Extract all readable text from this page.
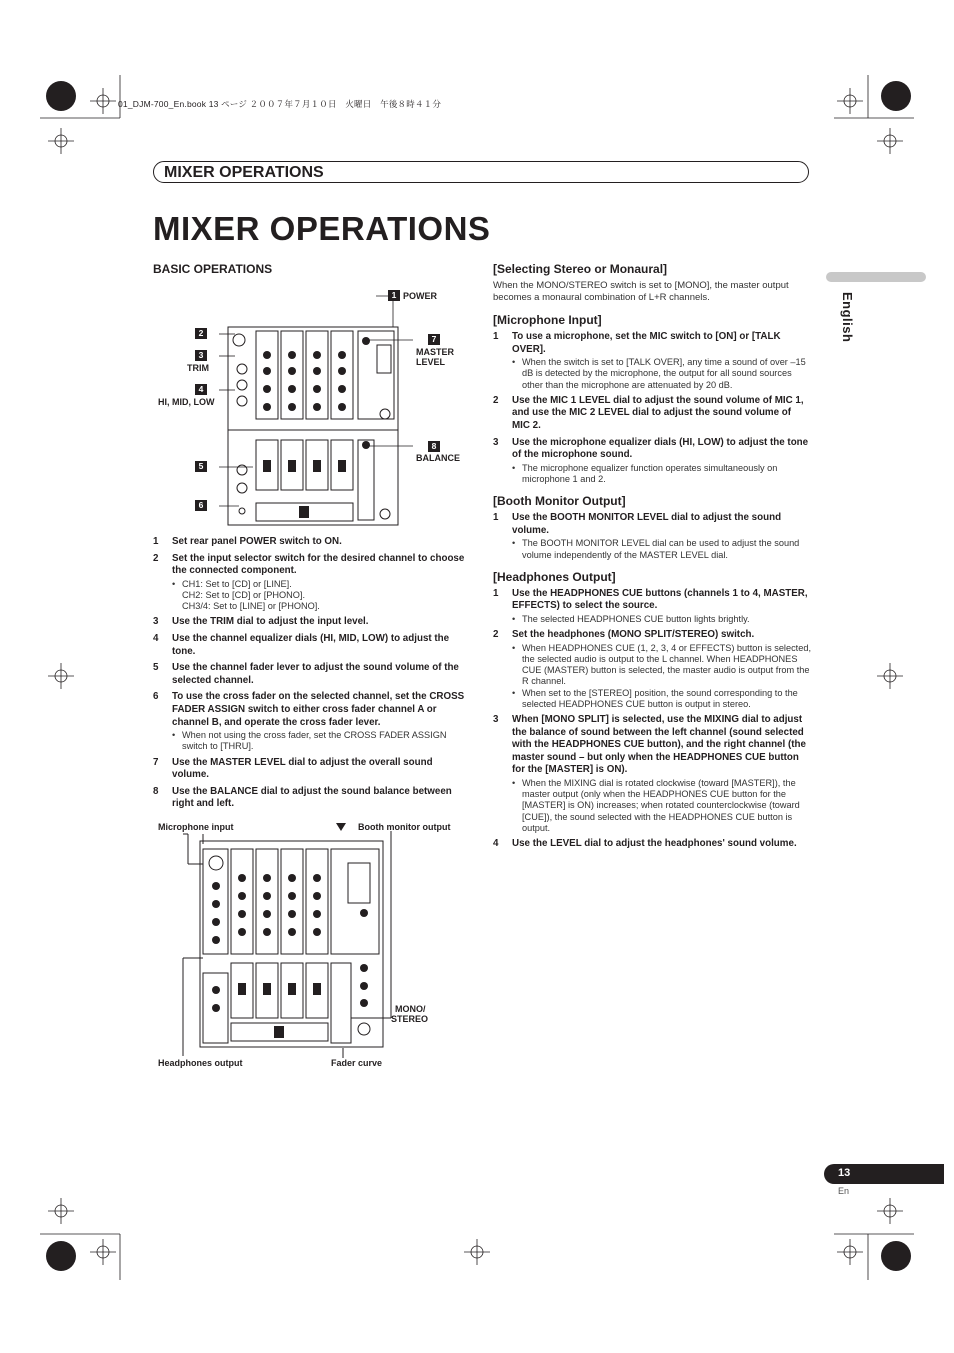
01_DJM-700_En.book 13 ページ ２００７年７月１０日　火曜日　午後８時４１分
MIXER OPERATIONS
MIXER OPERATIONS
English
BASIC OPERATIONS
1 POWER
2
3
TRIM
4
HI, MID, LOW
5
6
7
MASTER
LEVEL
8
BALANCE
1 Set rear panel POWER switch to ON.
2 Set the input selector switch for the desired channel to choose the connected component.
• CH1: Set to [CD] or [LINE].
CH2: Set to [CD] or [PHONO].
CH3/4: Set to [LINE] or [PHONO].
3 Use the TRIM dial to adjust the input level.
4 Use the channel equalizer dials (HI, MID, LOW) to adjust the tone.
5 Use the channel fader lever to adjust the sound volume of the selected channel.
6 To use the cross fader on the selected channel, set the CROSS FADER ASSIGN switch to either cross fader channel A or channel B, and operate the cross fader lever.
• When not using the cross fader, set the CROSS FADER ASSIGN switch to [THRU].
7 Use the MASTER LEVEL dial to adjust the overall sound volume.
8 Use the BALANCE dial to adjust the sound balance between right and left.
Microphone input	Booth monitor output
MONO/
STEREO
Headphones output	Fader curve
[Selecting Stereo or Monaural]

When the MONO/STEREO switch is set to [MONO], the master output becomes a monaural combination of L+R channels.

[Microphone Input]
1 To use a microphone, set the MIC switch to [ON] or [TALK OVER].
• When the switch is set to [TALK OVER], any time a sound of over –15 dB is detected by the microphone, the output for all sound sources other than the microphone are attenuated by 20 dB.
2 Use the MIC 1 LEVEL dial to adjust the sound volume of MIC 1, and use the MIC 2 LEVEL dial to adjust the sound volume of MIC 2.
3 Use the microphone equalizer dials (HI, LOW) to adjust the tone of the microphone sound.
• The microphone equalizer function operates simultaneously on microphone 1 and 2.
[Booth Monitor Output]
1 Use the BOOTH MONITOR LEVEL dial to adjust the sound volume.
• The BOOTH MONITOR LEVEL dial can be used to adjust the sound volume independently of the MASTER LEVEL dial.
[Headphones Output]
1 Use the HEADPHONES CUE buttons (channels 1 to 4, MASTER, EFFECTS) to select the source.
• The selected HEADPHONES CUE button lights brightly.
2 Set the headphones (MONO SPLIT/STEREO) switch.
• When HEADPHONES CUE (1, 2, 3, 4 or EFFECTS) button is selected, the selected audio is output to the L channel. When HEADPHONES CUE (MASTER) button is selected, the master audio is output from the R channel.
• When set to the [STEREO] position, the sound corresponding to the selected HEADPHONES CUE button is output in stereo.
3 When [MONO SPLIT] is selected, use the MIXING dial to adjust the balance of sound between the left channel (sound selected with the HEADPHONES CUE button), and the right channel (the master sound – but only when the HEADPHONES CUE button for the [MASTER] is ON).
• When the MIXING dial is rotated clockwise (toward [MASTER]), the master output (only when the HEADPHONES CUE button for the [MASTER] is ON) increases; when rotated counterclockwise (toward [CUE]), the sound selected with the HEADPHONES CUE button is output.
4 Use the LEVEL dial to adjust the headphones' sound volume.
13
En
